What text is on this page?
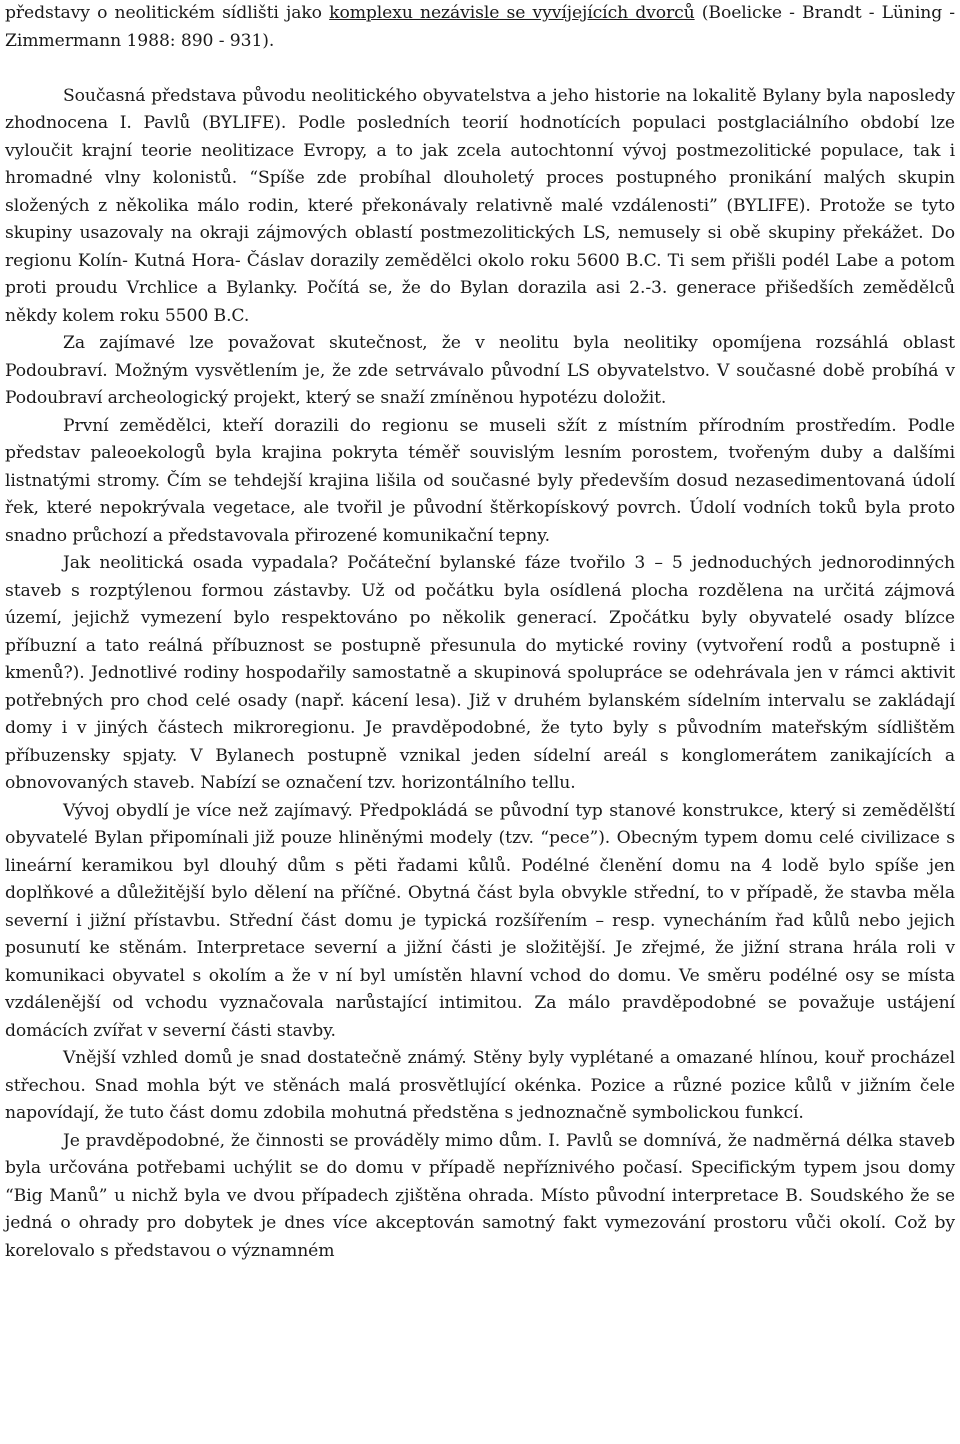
představy o neolitickém sídlišti jako komplexu nezávisle se vyvíjejících dvorců (Boelicke - Brandt - Lüning - Zimmermann 1988: 890 - 931).

Současná představa původu neolitického obyvatelstva a jeho historie na lokalitě Bylany byla naposledy zhodnocena I. Pavlů (BYLIFE). Podle posledních teorií hodnotících populaci postglaciálního období lze vyloučit krajní teorie neolitizace Evropy, a to jak zcela autochtonní vývoj postmezolitické populace, tak i hromadné vlny kolonistů. “Spíše zde probíhal dlouholetý proces postupného pronikání malých skupin složených z několika málo rodin, které překonávaly relativně malé vzdálenosti” (BYLIFE). Protože se tyto skupiny usazovaly na okraji zájmových oblastí postmezolitických LS, nemusely si obě skupiny překážet. Do regionu Kolín- Kutná Hora- Čáslav dorazily zemědělci okolo roku 5600 B.C. Ti sem přišli podél Labe a potom proti proudu Vrchlice a Bylanky. Počítá se, že do Bylan dorazila asi 2.-3. generace přišedších zemědělců někdy kolem roku 5500 B.C.

Za zajímavé lze považovat skutečnost, že v neolitu byla neolitiky opomíjena rozsáhlá oblast Podoubraví. Možným vysvětlením je, že zde setrvávalo původní LS obyvatelstvo. V současné době probíhá v Podoubraví archeologický projekt, který se snaží zmíněnou hypotézu doložit.

První zemědělci, kteří dorazili do regionu se museli sžít z místním přírodním prostředím. Podle představ paleoekologů byla krajina pokryta téměř souvislým lesním porostem, tvořeným duby a dalšími listnatými stromy. Čím se tehdejší krajina lišila od současné byly především dosud nezasedimentovaná údolí řek, které nepokrývala vegetace, ale tvořil je původní štěrkopískový povrch. Údolí vodních toků byla proto snadno průchozí a představovala přirozené komunikační tepny.

Jak neolitická osada vypadala? Počáteční bylanské fáze tvořilo 3 – 5 jednoduchých jednorodinných staveb s rozptýlenou formou zástavby. Už od počátku byla osídlená plocha rozdělena na určitá zájmová území, jejichž vymezení bylo respektováno po několik generací. Zpočátku byly obyvatelé osady blízce příbuzní a tato reálná příbuznost se postupně přesunula do mytické roviny (vytvoření rodů a postupně i kmenů?). Jednotlivé rodiny hospodařily samostatně a skupinová spolupráce se odehrávala jen v rámci aktivit potřebných pro chod celé osady (např. kácení lesa). Již v druhém bylanském sídelním intervalu se zakládají domy i v jiných částech mikroregionu. Je pravděpodobné, že tyto byly s původním mateřským sídlištěm příbuzensky spjaty. V Bylanech postupně vznikal jeden sídelní areál s konglomerátem zanikajících a obnovovaných staveb. Nabízí se označení tzv. horizontálního tellu.

Vývoj obydlí je více než zajímavý. Předpokládá se původní typ stanové konstrukce, který si zemědělští obyvatelé Bylan připomínali již pouze hliněnými modely (tzv. “pece”). Obecným typem domu celé civilizace s lineární keramikou byl dlouhý dům s pěti řadami kůlů. Podélné členění domu na 4 lodě bylo spíše jen doplňkové a důležitější bylo dělení na příčné. Obytná část byla obvykle střední, to v případě, že stavba měla severní i jižní přístavbu. Střední část domu je typická rozšířením – resp. vynecháním řad kůlů nebo jejich posunutí ke stěnám. Interpretace severní a jižní části je složitější. Je zřejmé, že jižní strana hrála roli v komunikaci obyvatel s okolím a že v ní byl umístěn hlavní vchod do domu. Ve směru podélné osy se místa vzdálenější od vchodu vyznačovala narůstající intimitou. Za málo pravděpodobné se považuje ustájení domácích zvířat v severní části stavby.

Vnější vzhled domů je snad dostatečně známý. Stěny byly vyplétané a omazané hlínou, kouř procházel střechou. Snad mohla být ve stěnách malá prosvětlující okénka. Pozice a různé pozice kůlů v jižním čele napovídají, že tuto část domu zdobila mohutná předstěna s jednoznačně symbolickou funkcí.

Je pravděpodobné, že činnosti se prováděly mimo dům. I. Pavlů se domnívá, že nadměrná délka staveb byla určována potřebami uchýlit se do domu v případě nepříznivého počasí. Specifickým typem jsou domy “Big Manů” u nichž byla ve dvou případech zjištěna ohrada. Místo původní interpretace B. Soudského že se jedná o ohrady pro dobytek je dnes více akceptován samotný fakt vymezování prostoru vůči okolí. Což by korelovalo s představou o významném
